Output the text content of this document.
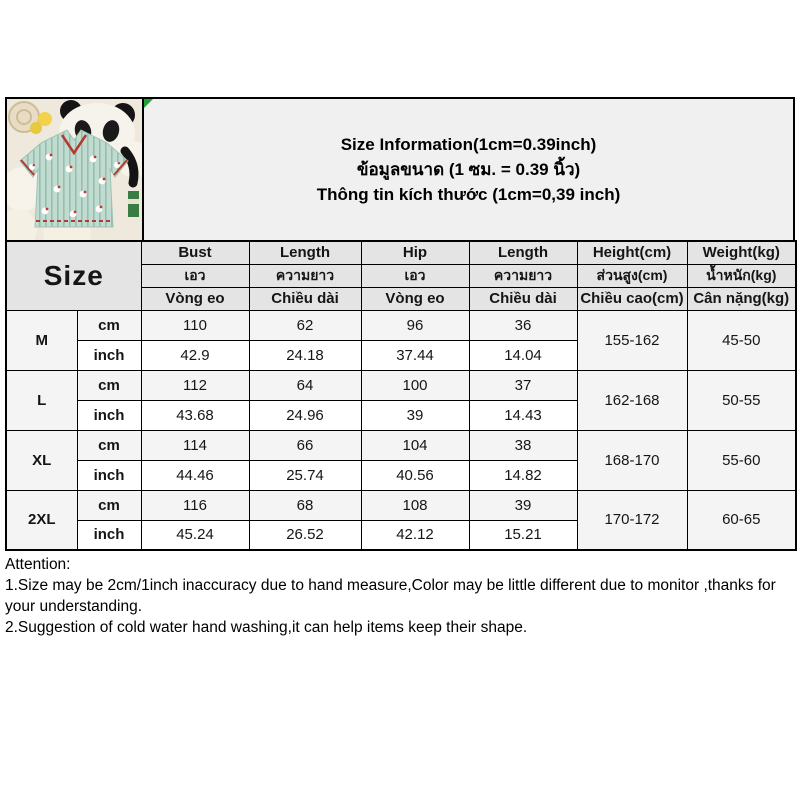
Size Information(1cm=0.39inch)
ข้อมูลขนาด (1 ซม. = 0.39 นิ้ว)
Thông tin kích thước (1cm=0,39 inch)
Size		Bust	Length	Hip	Length	Height(cm)	Weight(kg)
		เอว	ความยาว	เอว	ความยาว	ส่วนสูง(cm)	น้ำหนัก(kg)
		Vòng eo	Chiều dài	Vòng eo	Chiều dài	Chiều cao(cm)	Cân nặng(kg)
M	cm	110	62	96	36	155-162	45-50
	inch	42.9	24.18	37.44	14.04		
L	cm	112	64	100	37	162-168	50-55
	inch	43.68	24.96	39	14.43		
XL	cm	114	66	104	38	168-170	55-60
	inch	44.46	25.74	40.56	14.82		
2XL	cm	116	68	108	39	170-172	60-65
	inch	45.24	26.52	42.12	15.21		
Attention:
1.Size may be 2cm/1inch inaccuracy due to hand measure,Color may be little different due to monitor ,thanks for your understanding.
2.Suggestion of cold water hand washing,it can help items keep their shape.
